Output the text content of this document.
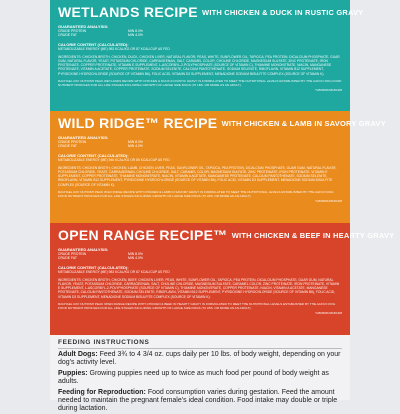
WETLANDS RECIPE WITH CHICKEN & DUCK IN RUSTIC GRAVY
GUARANTEED ANALYSIS:
CRUDE PROTEIN	MIN 8.0%
CRUDE FAT	MIN 4.0%
CALORIE CONTENT (CALCULATED):
METABOLIZABLE ENERGY (ME) 983 KCAL/KG OR 87 KCAL/CUP AS FED
INGREDIENTS: CHICKEN BROTH, CHICKEN, DUCK, CHICKEN LIVER, NATURAL FLAVOR, PEAS, WHITE, SUNFLOWER OIL, TAPIOCA, PEA PROTEIN, DICALCIUM PHOSPHATE, GUAR GUM, NATURAL FLAVOR, YEAST, POTASSIUM CHLORIDE, CARRAGEENAN, SALT, CARAMEL COLOR, CHOLINE CHLORIDE, MAGNESIUM SULFATE, ZINC PROTEINATE, IRON PROTEINATE, COPPER PROTEINATE, VITAMIN E SUPPLEMENT, L-ASCORBYL-2-POLYPHOSPHATE (SOURCE OF VITAMIN C), THIAMINE MONONITRATE, NIACIN, MANGANESE PROTEINATE, VITAMIN A ACETATE, COPPER PROTEINATE, SODIUM SELENITE, CALCIUM PANTOTHENATE, SODIUM SELENITE, RIBOFLAVIN, VITAMIN B12 SUPPLEMENT, PYRIDOXINE HYDROCHLORIDE (SOURCE OF VITAMIN B6), FOLIC ACID, VITAMIN D3 SUPPLEMENT, MENADIONE SODIUM BISULFITE COMPLEX (SOURCE OF VITAMIN K).
RACHAEL RAY NUTRISH PEAK WETLANDS RECIPE WITH CHICKEN & DUCK IN RUSTIC GRAVY IS FORMULATED TO MEET THE NUTRITIONAL LEVELS ESTABLISHED BY THE AAFCO DOG FOOD NUTRIENT PROFILES FOR ALL LIFE STAGES INCLUDING GROWTH OF LARGE SIZE DOGS (70 LBS. OR MORE AS AN ADULT).
T280808108180408
WILD RIDGE™ RECIPE WITH CHICKEN & LAMB IN SAVORY GRAVY
GUARANTEED ANALYSIS:
CRUDE PROTEIN	MIN 8.0%
CRUDE FAT	MIN 4.0%
CALORIE CONTENT (CALCULATED):
METABOLIZABLE ENERGY (ME) 946 KCAL/KG OR 85 KCAL/CUP AS FED
INGREDIENTS: CHICKEN BROTH, CHICKEN, LAMB, CHICKEN LIVER, PEAS, SUNFLOWER OIL, TAPIOCA, PEA PROTEIN, DICALCIUM PHOSPHATE, GUAR GUM, NATURAL FLAVOR, POTASSIUM CHLORIDE, YEAST, CARRAGEENAN, CHOLINE CHLORIDE, SALT, CARAMEL COLOR, MAGNESIUM SULFATE, ZINC PROTEINATE, IRON PROTEINATE, VITAMIN E SUPPLEMENT, COPPER PROTEINATE, THIAMINE MONONITRATE, NIACIN, VITAMIN A ACETATE, MANGANESE PROTEINATE, CALCIUM PANTOTHENATE, SODIUM SELENITE, RIBOFLAVIN, VITAMIN B12 SUPPLEMENT, PYRIDOXINE HYDROCHLORIDE (SOURCE OF VITAMIN B6), FOLIC ACID, VITAMIN D3 SUPPLEMENT, MENADIONE SODIUM BISULFITE COMPLEX (SOURCE OF VITAMIN K).
RACHAEL RAY NUTRISH PEAK WILD RIDGE RECIPE WITH CHICKEN & LAMB IN SAVORY GRAVY IS FORMULATED TO MEET THE NUTRITIONAL LEVELS ESTABLISHED BY THE AAFCO DOG FOOD NUTRIENT PROFILES FOR ALL LIFE STAGES INCLUDING GROWTH OF LARGE SIZE DOGS (70 LBS. OR MORE AS AN ADULT).
T280808108180408
OPEN RANGE RECIPE™ WITH CHICKEN & BEEF IN HEARTY GRAVY
GUARANTEED ANALYSIS:
CRUDE PROTEIN	MIN 8.0%
CRUDE FAT	MIN 4.0%
CALORIE CONTENT (CALCULATED):
METABOLIZABLE ENERGY (ME) 983 KCAL/KG OR 87 KCAL/CUP AS FED
INGREDIENTS: CHICKEN BROTH, CHICKEN, BEEF, CHICKEN LIVER, PEAS, WHITE, SUNFLOWER OIL, TAPIOCA, PEA PROTEIN, DICALCIUM PHOSPHATE, GUAR GUM, NATURAL FLAVOR, YEAST, POTASSIUM CHLORIDE, CARRAGEENAN, SALT, CHOLINE CHLORIDE, MAGNESIUM SULFATE, CARAMEL COLOR, ZINC PROTEINATE, IRON PROTEINATE, VITAMIN E SUPPLEMENT, L-ASCORBYL-2-POLYPHOSPHATE (SOURCE OF VITAMIN C), THIAMINE MONONITRATE, COPPER PROTEINATE, NIACIN, VITAMIN A ACETATE, MANGANESE PROTEINATE, CALCIUM PANTOTHENATE, SODIUM SELENITE, RIBOFLAVIN, VITAMIN B12 SUPPLEMENT, PYRIDOXINE HYDROCHLORIDE (SOURCE OF VITAMIN B6), FOLIC ACID, VITAMIN D3 SUPPLEMENT, MENADIONE SODIUM BISULFITE COMPLEX (SOURCE OF VITAMIN K).
RACHAEL RAY NUTRISH PEAK OPEN RANGE RECIPE WITH CHICKEN & BEEF IN HEARTY GRAVY IS FORMULATED TO MEET THE NUTRITIONAL LEVELS ESTABLISHED BY THE AAFCO DOG FOOD NUTRIENT PROFILES FOR ALL LIFE STAGES INCLUDING GROWTH OF LARGE SIZE DOGS (70 LBS. OR MORE AS AN ADULT).
T280808108180408
FEEDING INSTRUCTIONS
Adult Dogs: Feed 3¾ to 4 3/4 oz. cups daily per 10 lbs. of body weight, depending on your dog's activity level.
Puppies: Growing puppies need up to twice as much food per pound of body weight as adults.
Feeding for Reproduction: Food consumption varies during gestation. Feed the amount needed to maintain the pregnant female's ideal condition. Food intake may double or triple during lactation.
